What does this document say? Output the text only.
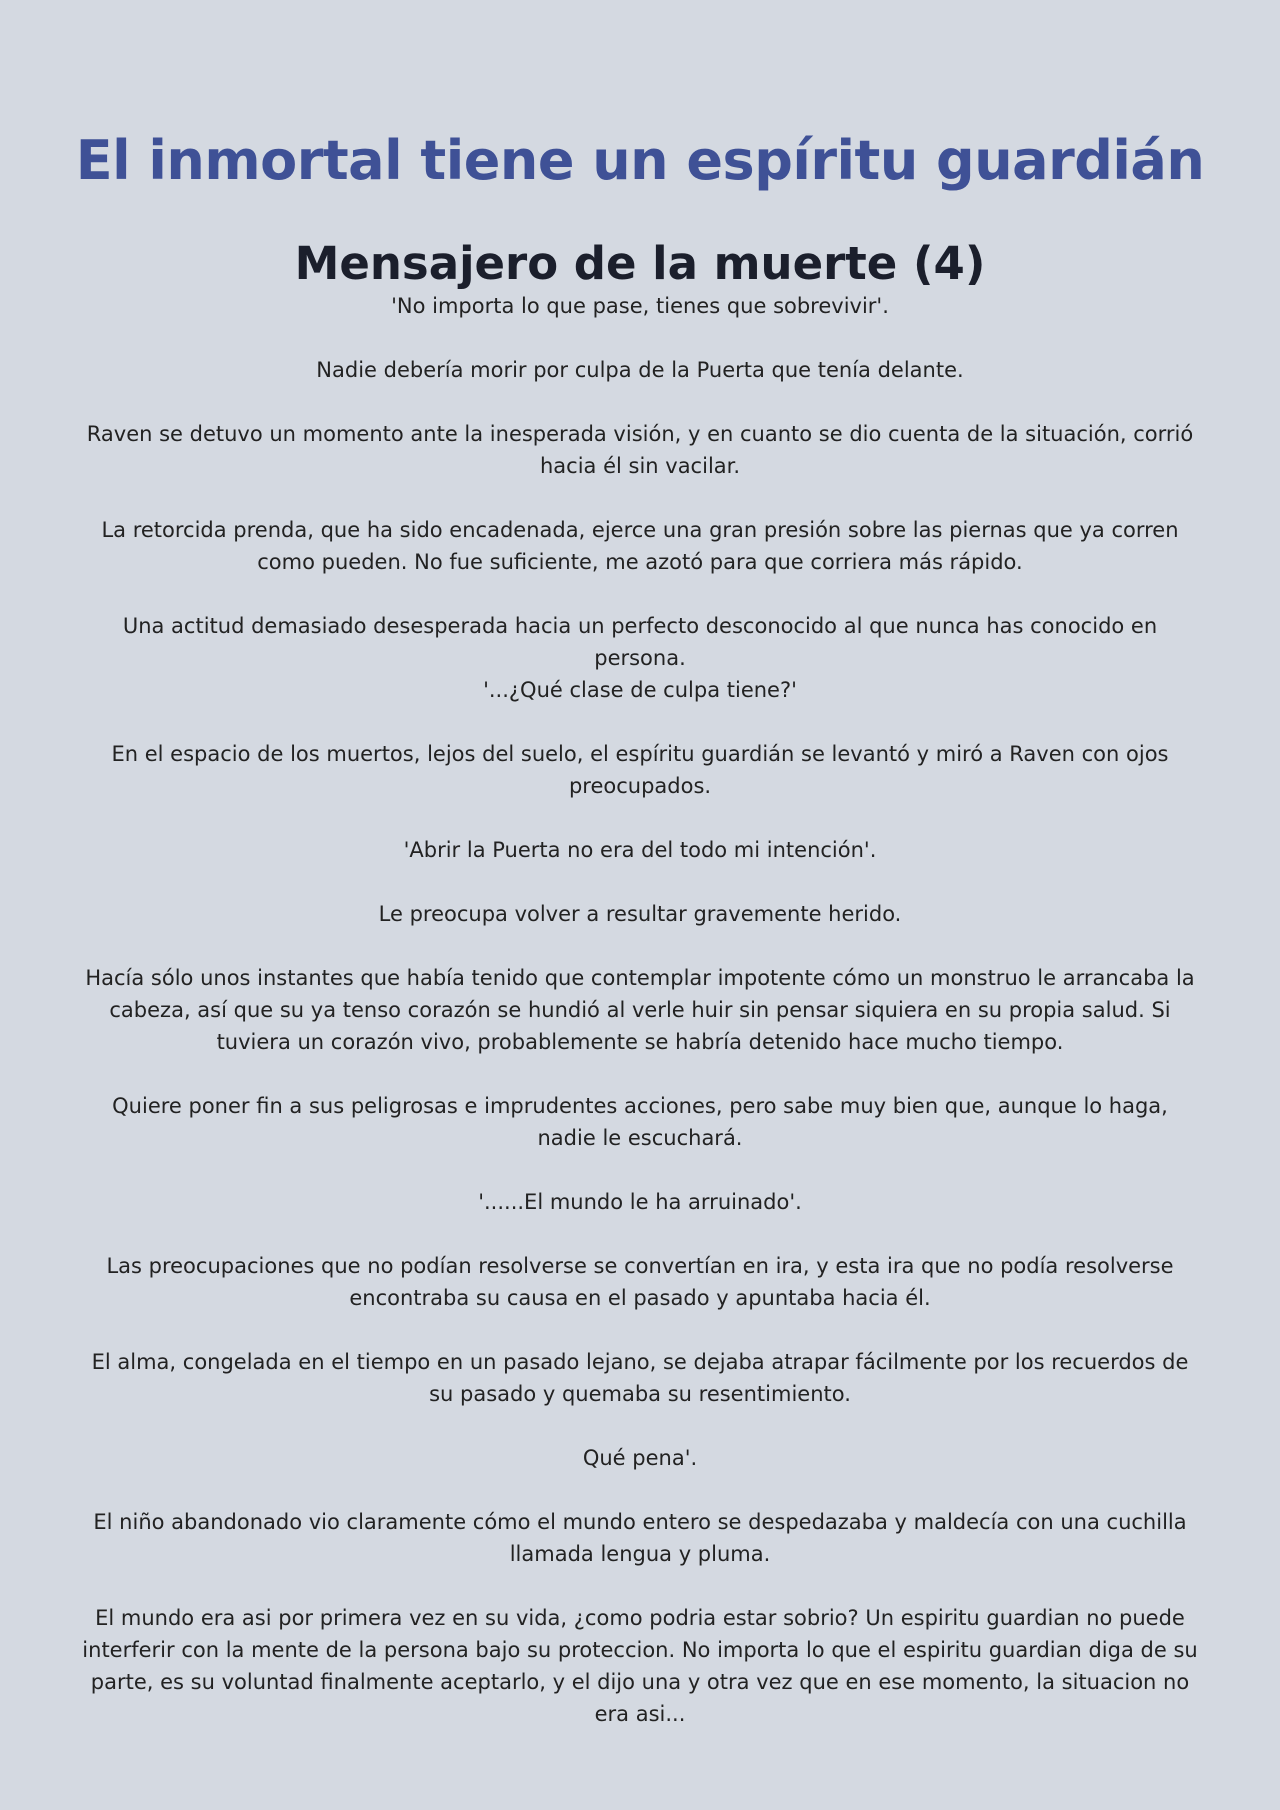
El inmortal tiene un espíritu guardián
Mensajero de la muerte (4)

'No importa lo que pase, tienes que sobrevivir'.

Nadie debería morir por culpa de la Puerta que tenía delante.

Raven se detuvo un momento ante la inesperada visión, y en cuanto se dio cuenta de la situación, corrió hacia él sin vacilar.

La retorcida prenda, que ha sido encadenada, ejerce una gran presión sobre las piernas que ya corren como pueden. No fue suficiente, me azotó para que corriera más rápido.

Una actitud demasiado desesperada hacia un perfecto desconocido al que nunca has conocido en persona.

'...¿Qué clase de culpa tiene?'

En el espacio de los muertos, lejos del suelo, el espíritu guardián se levantó y miró a Raven con ojos preocupados.

'Abrir la Puerta no era del todo mi intención'.

Le preocupa volver a resultar gravemente herido.

Hacía sólo unos instantes que había tenido que contemplar impotente cómo un monstruo le arrancaba la cabeza, así que su ya tenso corazón se hundió al verle huir sin pensar siquiera en su propia salud. Si tuviera un corazón vivo, probablemente se habría detenido hace mucho tiempo.

Quiere poner fin a sus peligrosas e imprudentes acciones, pero sabe muy bien que, aunque lo haga, nadie le escuchará.

'......El mundo le ha arruinado'.

Las preocupaciones que no podían resolverse se convertían en ira, y esta ira que no podía resolverse encontraba su causa en el pasado y apuntaba hacia él.

El alma, congelada en el tiempo en un pasado lejano, se dejaba atrapar fácilmente por los recuerdos de su pasado y quemaba su resentimiento.

Qué pena'.

El niño abandonado vio claramente cómo el mundo entero se despedazaba y maldecía con una cuchilla llamada lengua y pluma.

El mundo era asi por primera vez en su vida, ¿como podria estar sobrio? Un espiritu guardian no puede interferir con la mente de la persona bajo su proteccion. No importa lo que el espiritu guardian diga de su parte, es su voluntad finalmente aceptarlo, y el dijo una y otra vez que en ese momento, la situacion no era asi...
